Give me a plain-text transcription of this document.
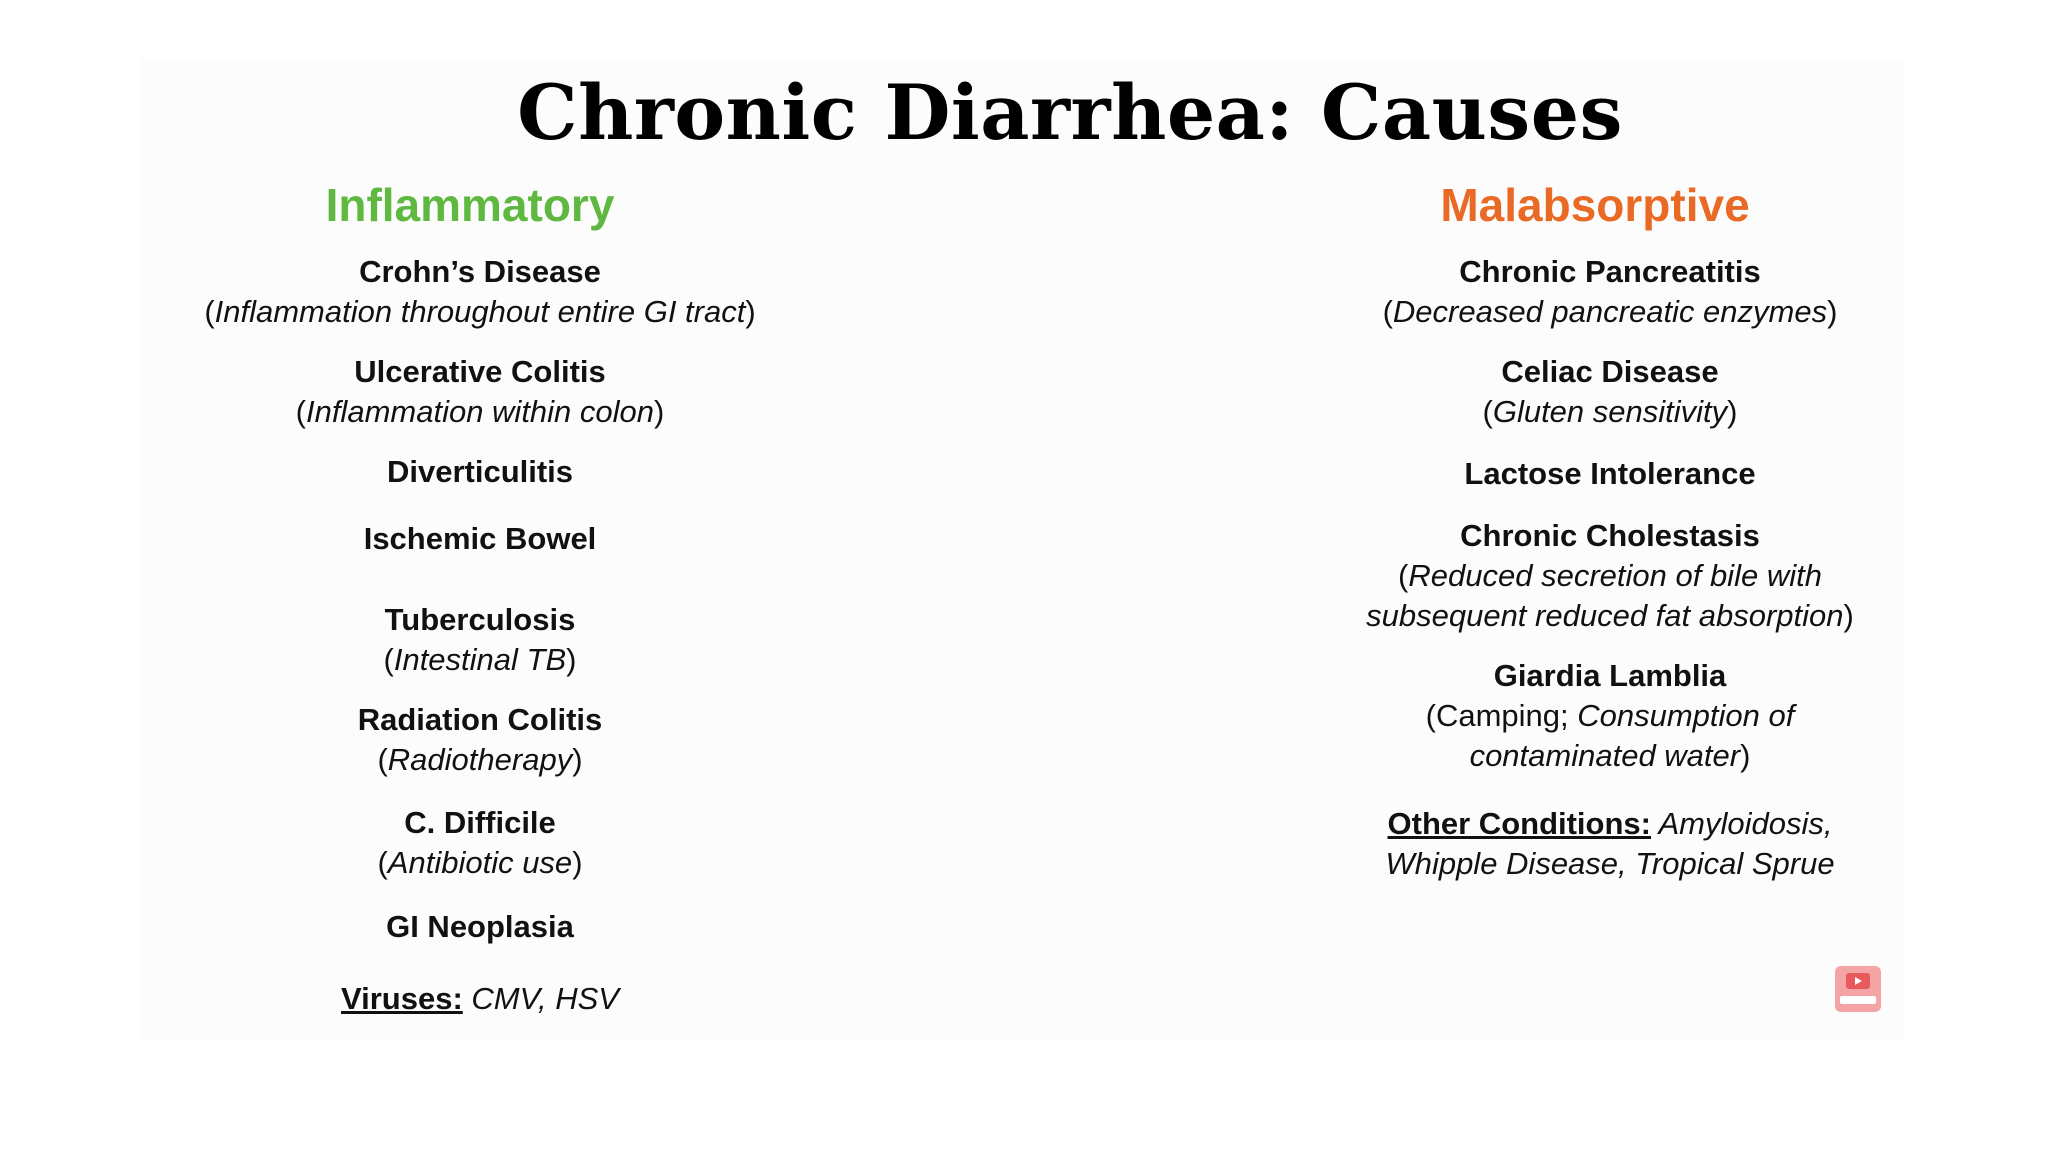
Chronic Diarrhea: Causes
Inflammatory
Crohn’s Disease
(Inflammation throughout entire GI tract)
Ulcerative Colitis
(Inflammation within colon)
Diverticulitis
Ischemic Bowel
Tuberculosis
(Intestinal TB)
Radiation Colitis
(Radiotherapy)
C. Difficile
(Antibiotic use)
GI Neoplasia
Viruses: CMV, HSV
Malabsorptive
Chronic Pancreatitis
(Decreased pancreatic enzymes)
Celiac Disease
(Gluten sensitivity)
Lactose Intolerance
Chronic Cholestasis
(Reduced secretion of bile with
subsequent reduced fat absorption)
Giardia Lamblia
(Camping; Consumption of
contaminated water)
Other Conditions: Amyloidosis,
Whipple Disease, Tropical Sprue
